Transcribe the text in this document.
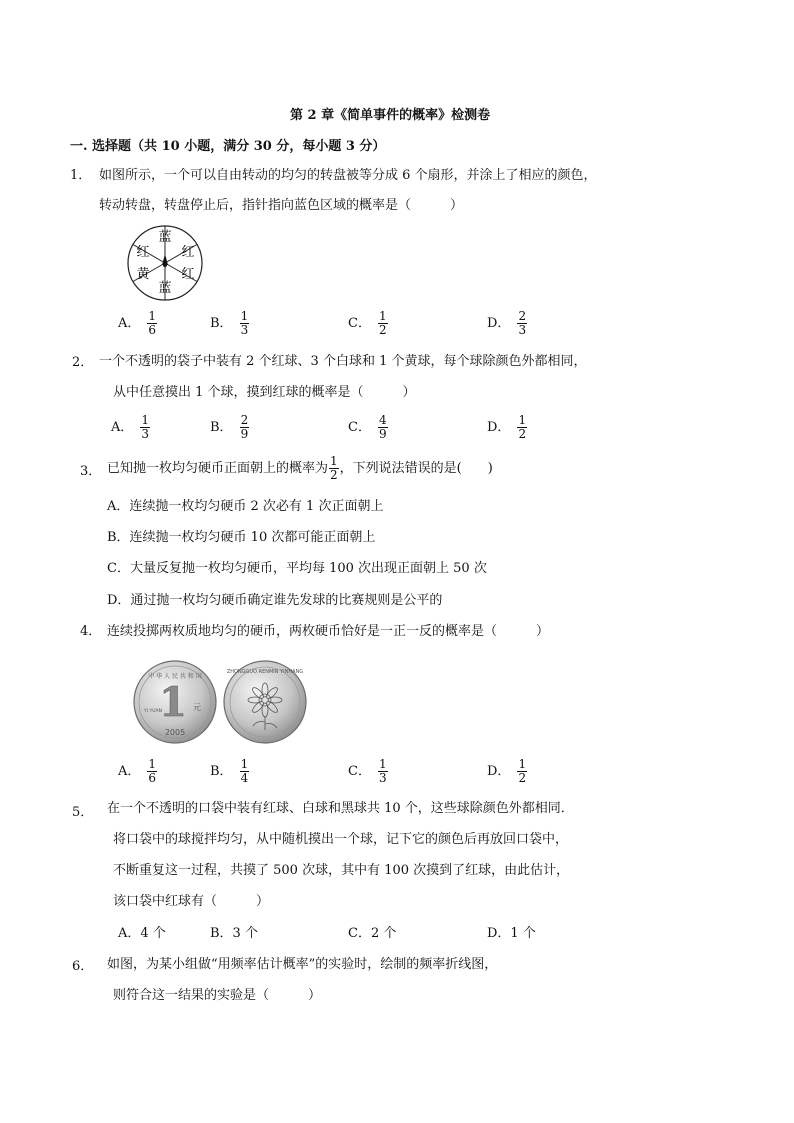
第 2 章《简单事件的概率》检测卷
一. 选择题（共 10 小题，满分 30 分，每小题 3 分）
1． 如图所示，一个可以自由转动的均匀的转盘被等分成 6 个扇形，并涂上了相应的颜色，
转动转盘，转盘停止后，指针指向蓝色区域的概率是（　　　）
蓝
红
红
蓝
黄
红
A． $\frac{1}{6}$	B． $\frac{1}{3}$	C． $\frac{1}{2}$	D． $\frac{2}{3}$
2． 一个不透明的袋子中装有 2 个红球、3 个白球和 1 个黄球，每个球除颜色外都相同，
从中任意摸出 1 个球，摸到红球的概率是（　　　）
A． $\frac{1}{3}$	B． $\frac{2}{9}$	C． $\frac{4}{9}$	D． $\frac{1}{2}$
3． 已知抛一枚均匀硬币正面朝上的概率为 $\frac{1}{2}$ ，下列说法错误的是(　　)
A．连续抛一枚均匀硬币 2 次必有 1 次正面朝上
B．连续抛一枚均匀硬币 10 次都可能正面朝上
C．大量反复抛一枚均匀硬币，平均每 100 次出现正面朝上 50 次
D．通过抛一枚均匀硬币确定谁先发球的比赛规则是公平的
4． 连续投掷两枚质地均匀的硬币，两枚硬币恰好是一正一反的概率是（　　　）
中 华 人 民 共 和 国
1 元
YI YUAN
2005
ZHONGGUO RENMIN YINHANG
A． $\frac{1}{6}$	B． $\frac{1}{4}$	C． $\frac{1}{3}$	D． $\frac{1}{2}$
5． 在一个不透明的口袋中装有红球、白球和黑球共 10 个，这些球除颜色外都相同．
将口袋中的球搅拌均匀，从中随机摸出一个球，记下它的颜色后再放回口袋中，
不断重复这一过程，共摸了 500 次球，其中有 100 次摸到了红球，由此估计，
该口袋中红球有（　　　）
A．4 个	B．3 个	C．2 个	D．1 个
6． 如图，为某小组做“用频率估计概率”的实验时，绘制的频率折线图，
则符合这一结果的实验是（　　　）
